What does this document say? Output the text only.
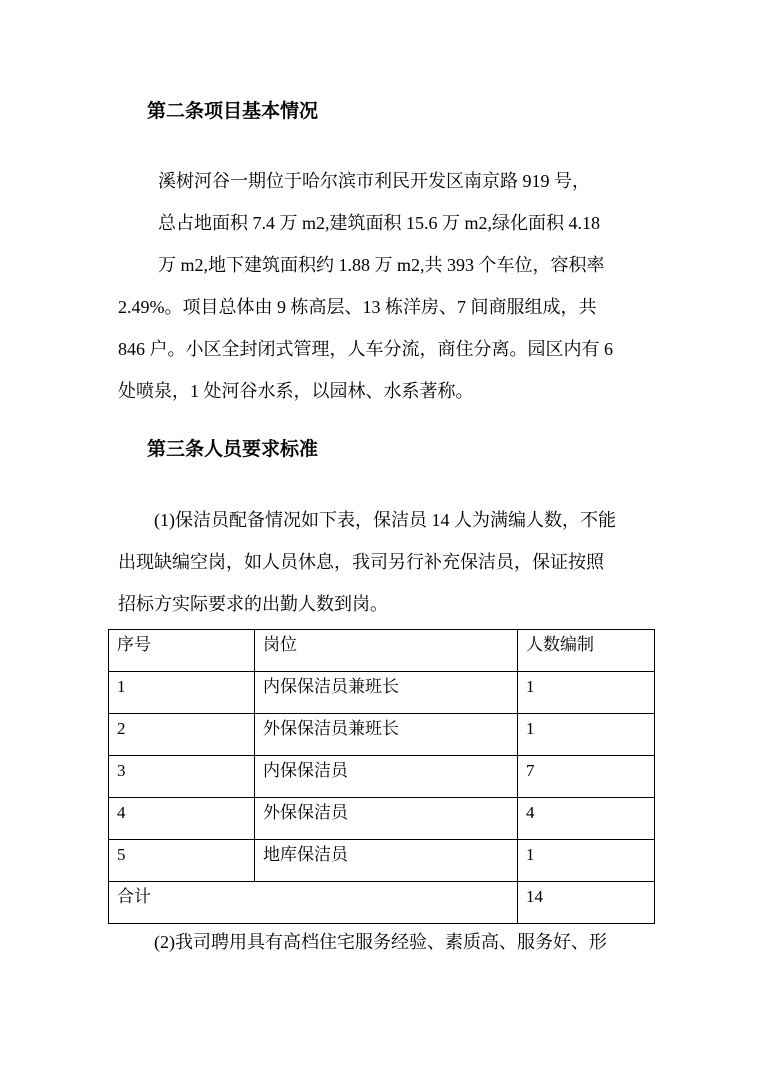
第二条项目基本情况
溪树河谷一期位于哈尔滨市利民开发区南京路 919 号，
总占地面积 7.4 万 m2,建筑面积 15.6 万 m2,绿化面积 4.18
万 m2,地下建筑面积约 1.88 万 m2,共 393 个车位，容积率
2.49%。项目总体由 9 栋高层、13 栋洋房、7 间商服组成，共
846 户。小区全封闭式管理，人车分流，商住分离。园区内有 6
处喷泉，1 处河谷水系，以园林、水系著称。
第三条人员要求标准
(1)保洁员配备情况如下表，保洁员 14 人为满编人数，不能
出现缺编空岗，如人员休息，我司另行补充保洁员，保证按照
招标方实际要求的出勤人数到岗。
序号	岗位	人数编制
1	内保保洁员兼班长	1
2	外保保洁员兼班长	1
3	内保保洁员	7
4	外保保洁员	4
5	地库保洁员	1
合计		14
(2)我司聘用具有高档住宅服务经验、素质高、服务好、形
